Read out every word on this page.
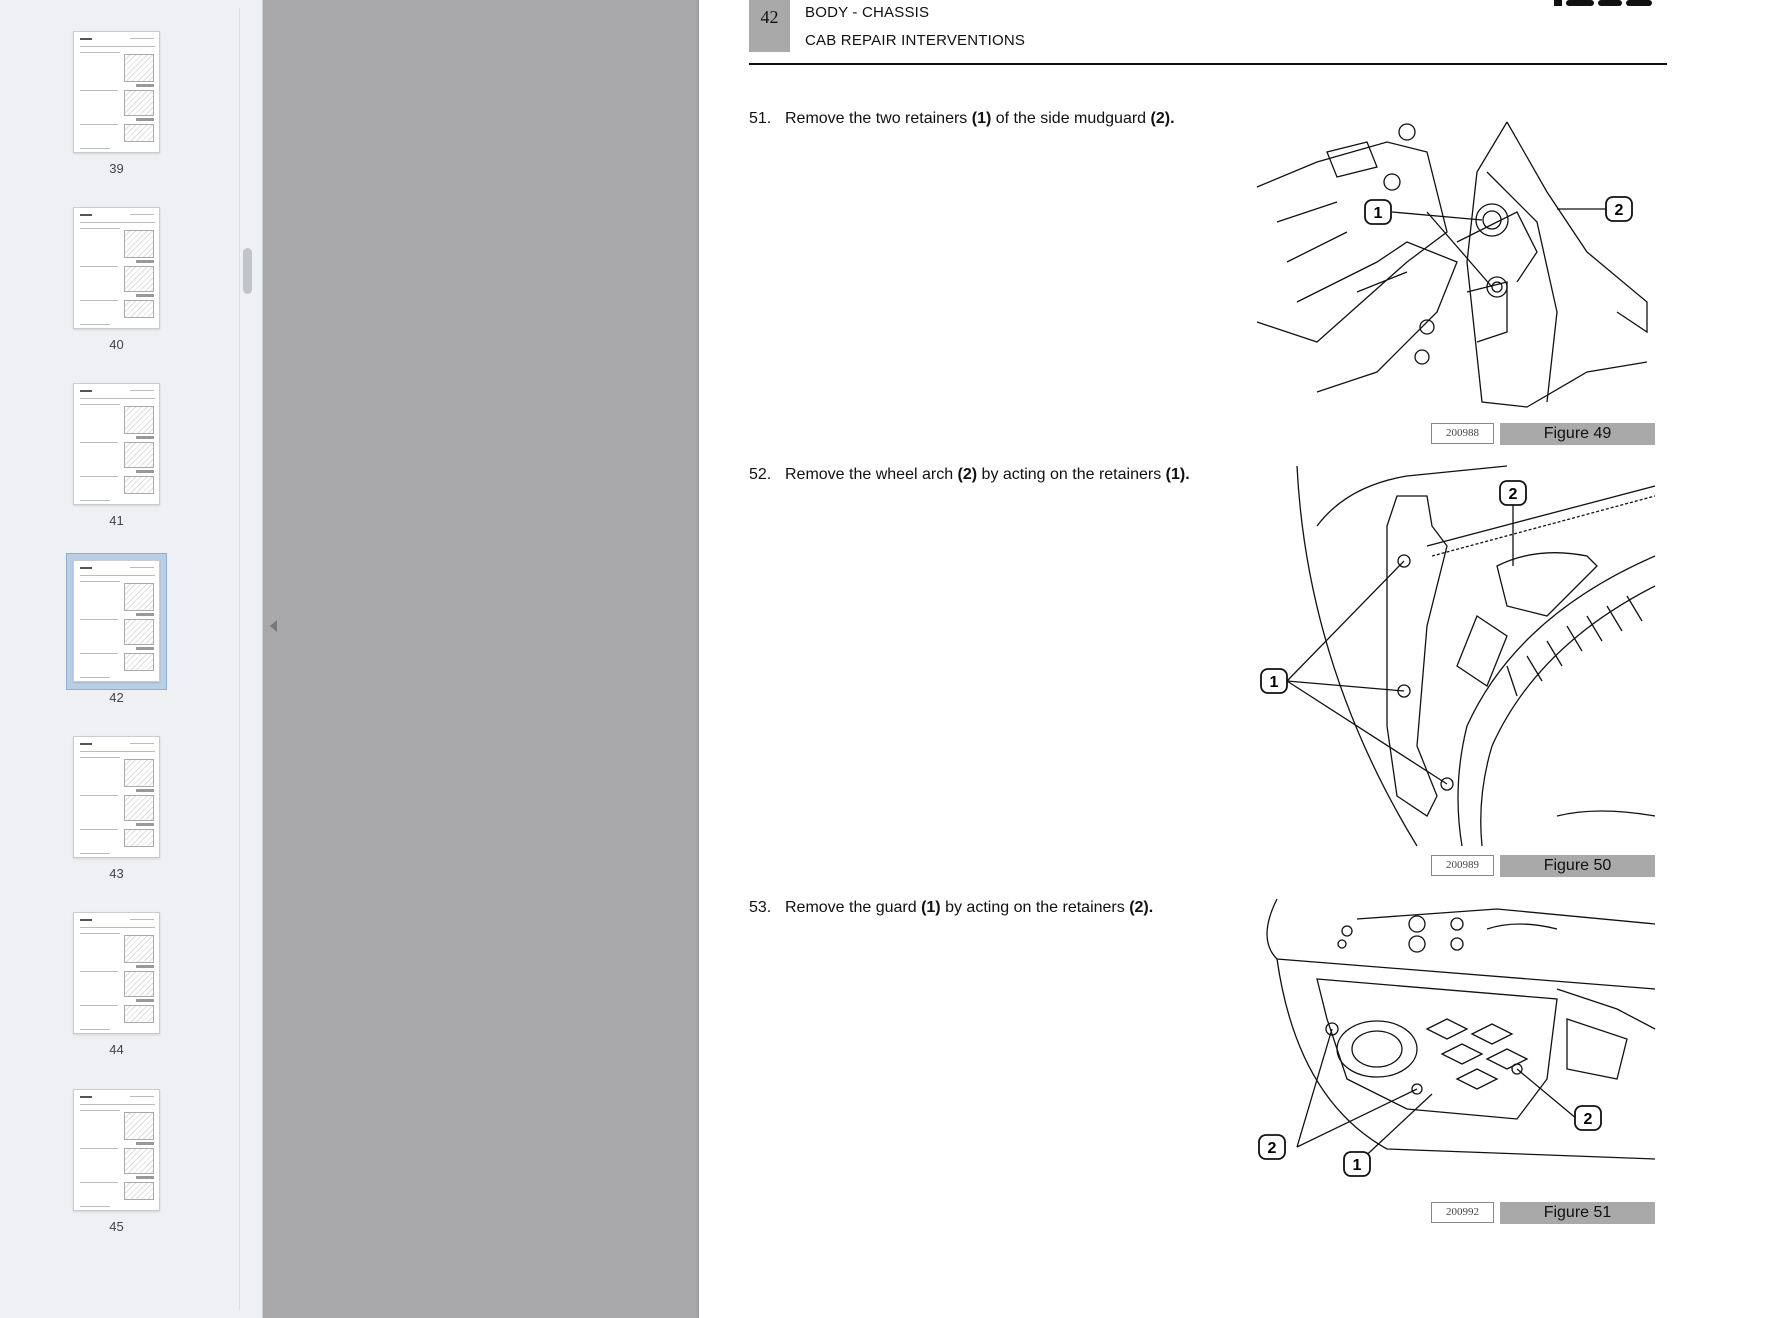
39
40
41
42
43
44
45
42	BODY - CHASSIS
CAB REPAIR INTERVENTIONS
51. Remove the two retainers (1) of the side mudguard (2).
52. Remove the wheel arch (2) by acting on the retainers (1).
53. Remove the guard (1) by acting on the retainers (2).
1	2
200988	Figure 49
2
1
200989	Figure 50
2
2
1
200992	Figure 51
